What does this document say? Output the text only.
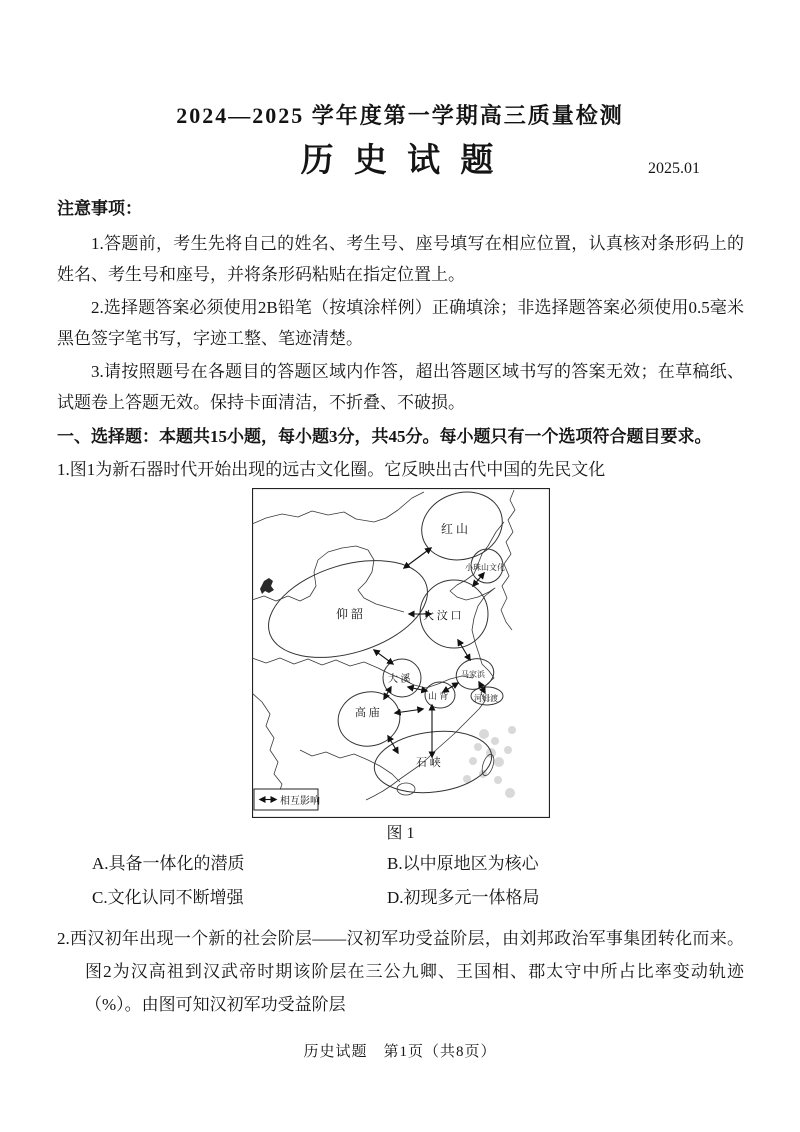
2024—2025 学年度第一学期高三质量检测
历 史 试 题	2025.01
注意事项：
1.答题前，考生先将自己的姓名、考生号、座号填写在相应位置，认真核对条形码上的姓名、考生号和座号，并将条形码粘贴在指定位置上。
2.选择题答案必须使用2B铅笔（按填涂样例）正确填涂；非选择题答案必须使用0.5毫米黑色签字笔书写，字迹工整、笔迹清楚。
3.请按照题号在各题目的答题区域内作答，超出答题区域书写的答案无效；在草稿纸、试题卷上答题无效。保持卡面清洁，不折叠、不破损。
一、选择题：本题共15小题，每小题3分，共45分。每小题只有一个选项符合题目要求。
1.图1为新石器时代开始出现的远古文化圈。它反映出古代中国的先民文化
红 山
小珠山文化
仰 韶	大 汶 口
大 溪
山 背
马家浜
河姆渡
高 庙
石 峡
相互影响
图 1
A.具备一体化的潜质	B.以中原地区为核心
C.文化认同不断增强	D.初现多元一体格局
2.西汉初年出现一个新的社会阶层——汉初军功受益阶层，由刘邦政治军事集团转化而来。图2为汉高祖到汉武帝时期该阶层在三公九卿、王国相、郡太守中所占比率变动轨迹（%）。由图可知汉初军功受益阶层
历史试题　第1页（共8页）
